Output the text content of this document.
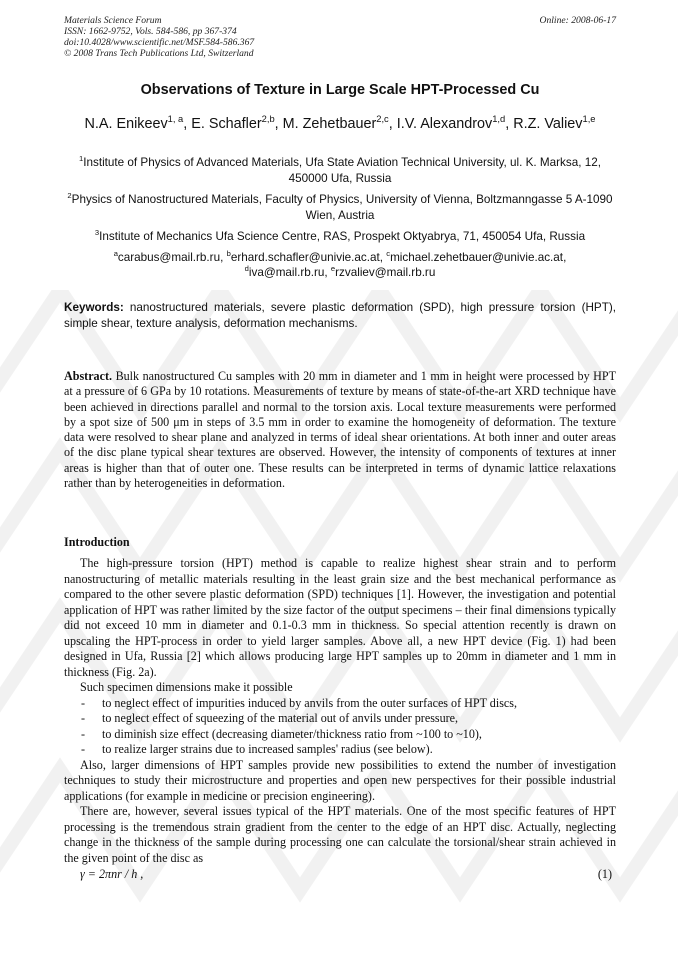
Materials Science Forum
ISSN: 1662-9752, Vols. 584-586, pp 367-374
doi:10.4028/www.scientific.net/MSF.584-586.367
© 2008 Trans Tech Publications Ltd, Switzerland
Online: 2008-06-17
Observations of Texture in Large Scale HPT-Processed Cu
N.A. Enikeev$^{1, a}$, E. Schafler$^{2,b}$, M. Zehetbauer$^{2,c}$, I.V. Alexandrov$^{1,d}$, R.Z. Valiev$^{1,e}$
$^1$Institute of Physics of Advanced Materials, Ufa State Aviation Technical University, ul. K. Marksa, 12, 450000 Ufa, Russia
$^2$Physics of Nanostructured Materials, Faculty of Physics, University of Vienna, Boltzmanngasse 5 A-1090 Wien, Austria
$^3$Institute of Mechanics Ufa Science Centre, RAS, Prospekt Oktyabrya, 71, 450054 Ufa, Russia
$^a$carabus@mail.rb.ru, $^b$erhard.schafler@univie.ac.at, $^c$michael.zehetbauer@univie.ac.at,
$^d$iva@mail.rb.ru, $^e$rzvaliev@mail.rb.ru
Keywords: nanostructured materials, severe plastic deformation (SPD), high pressure torsion (HPT), simple shear, texture analysis, deformation mechanisms.
Abstract. Bulk nanostructured Cu samples with 20 mm in diameter and 1 mm in height were processed by HPT at a pressure of 6 GPa by 10 rotations. Measurements of texture by means of state-of-the-art XRD technique have been achieved in directions parallel and normal to the torsion axis. Local texture measurements were performed by a spot size of 500 μm in steps of 3.5 mm in order to examine the homogeneity of deformation. The texture data were resolved to shear plane and analyzed in terms of ideal shear orientations. At both inner and outer areas of the disc plane typical shear textures are observed. However, the intensity of components of textures at inner areas is higher than that of outer one. These results can be interpreted in terms of dynamic lattice relaxations rather than by heterogeneities in deformation.
Introduction

The high-pressure torsion (HPT) method is capable to realize highest shear strain and to perform nanostructuring of metallic materials resulting in the least grain size and the best mechanical performance as compared to the other severe plastic deformation (SPD) techniques [1]. However, the investigation and potential application of HPT was rather limited by the size factor of the output specimens – their final dimensions typically did not exceed 10 mm in diameter and 0.1-0.3 mm in thickness. So special attention recently is drawn on upscaling the HPT-process in order to yield larger samples. Above all, a new HPT device (Fig. 1) had been designed in Ufa, Russia [2] which allows producing large HPT samples up to 20mm in diameter and 1 mm in thickness (Fig. 2a).

Such specimen dimensions make it possible

- to neglect effect of impurities induced by anvils from the outer surfaces of HPT discs,
- to neglect effect of squeezing of the material out of anvils under pressure,
- to diminish size effect (decreasing diameter/thickness ratio from ~100 to ~10),
- to realize larger strains due to increased samples' radius (see below).

Also, larger dimensions of HPT samples provide new possibilities to extend the number of investigation techniques to study their microstructure and properties and open new perspectives for their possible industrial applications (for example in medicine or precision engineering).

There are, however, several issues typical of the HPT materials. One of the most specific features of HPT processing is the tremendous strain gradient from the center to the edge of an HPT disc. Actually, neglecting change in the thickness of the sample during processing one can calculate the torsional/shear strain achieved in the given point of the disc as

γ = 2πnr / h ,	(1)
